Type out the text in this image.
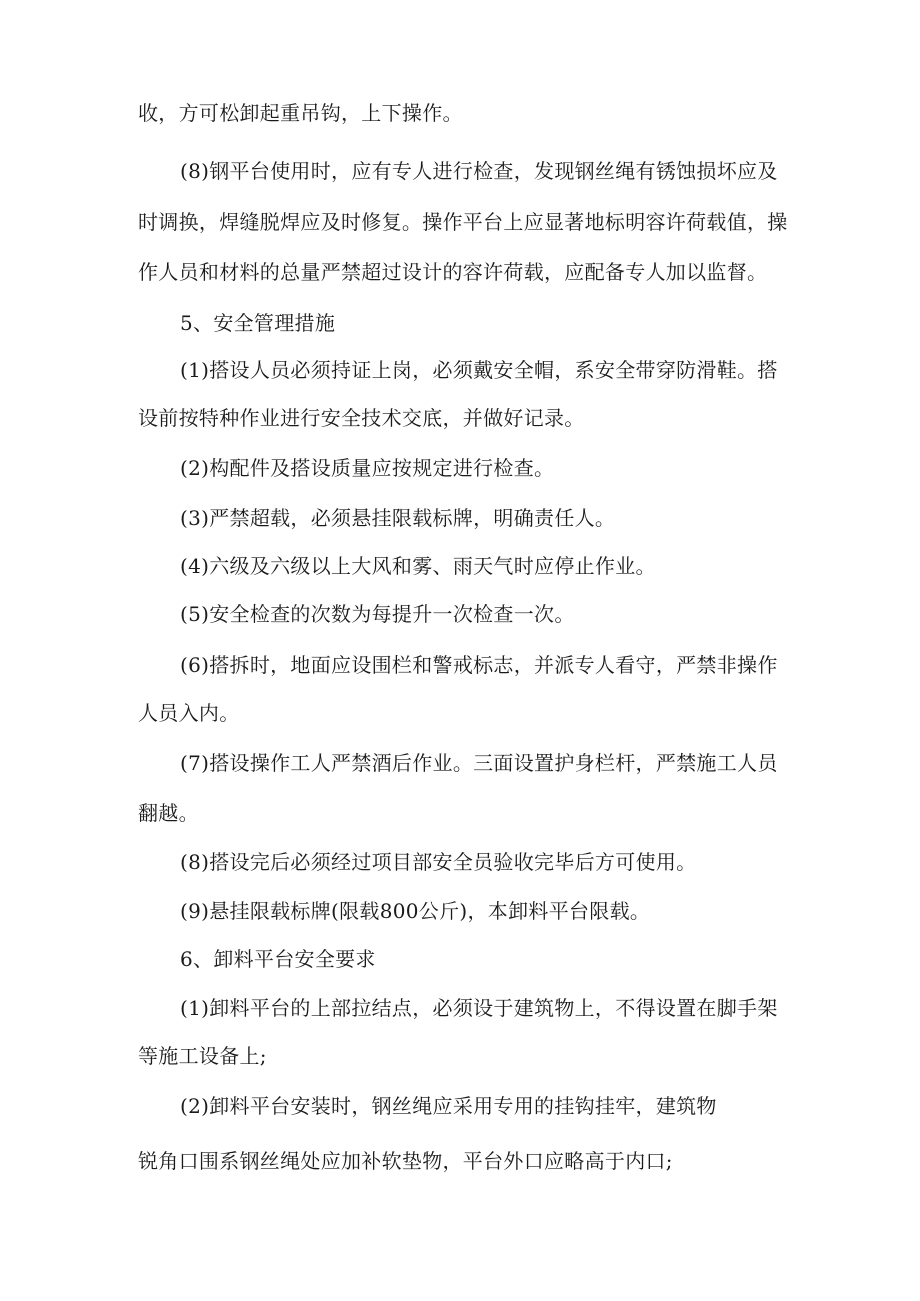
收，方可松卸起重吊钩，上下操作。
(8)钢平台使用时，应有专人进行检查，发现钢丝绳有锈蚀损坏应及
时调换，焊缝脱焊应及时修复。操作平台上应显著地标明容许荷载值，操
作人员和材料的总量严禁超过设计的容许荷载，应配备专人加以监督。
5、安全管理措施
(1)搭设人员必须持证上岗，必须戴安全帽，系安全带穿防滑鞋。搭
设前按特种作业进行安全技术交底，并做好记录。
(2)构配件及搭设质量应按规定进行检查。
(3)严禁超载，必须悬挂限载标牌，明确责任人。
(4)六级及六级以上大风和雾、雨天气时应停止作业。
(5)安全检查的次数为每提升一次检查一次。
(6)搭拆时，地面应设围栏和警戒标志，并派专人看守，严禁非操作
人员入内。
(7)搭设操作工人严禁酒后作业。三面设置护身栏杆，严禁施工人员
翻越。
(8)搭设完后必须经过项目部安全员验收完毕后方可使用。
(9)悬挂限载标牌(限载800公斤)，本卸料平台限载。
6、卸料平台安全要求
(1)卸料平台的上部拉结点，必须设于建筑物上，不得设置在脚手架
等施工设备上;
(2)卸料平台安装时，钢丝绳应采用专用的挂钩挂牢，建筑物
锐角口围系钢丝绳处应加补软垫物，平台外口应略高于内口;
